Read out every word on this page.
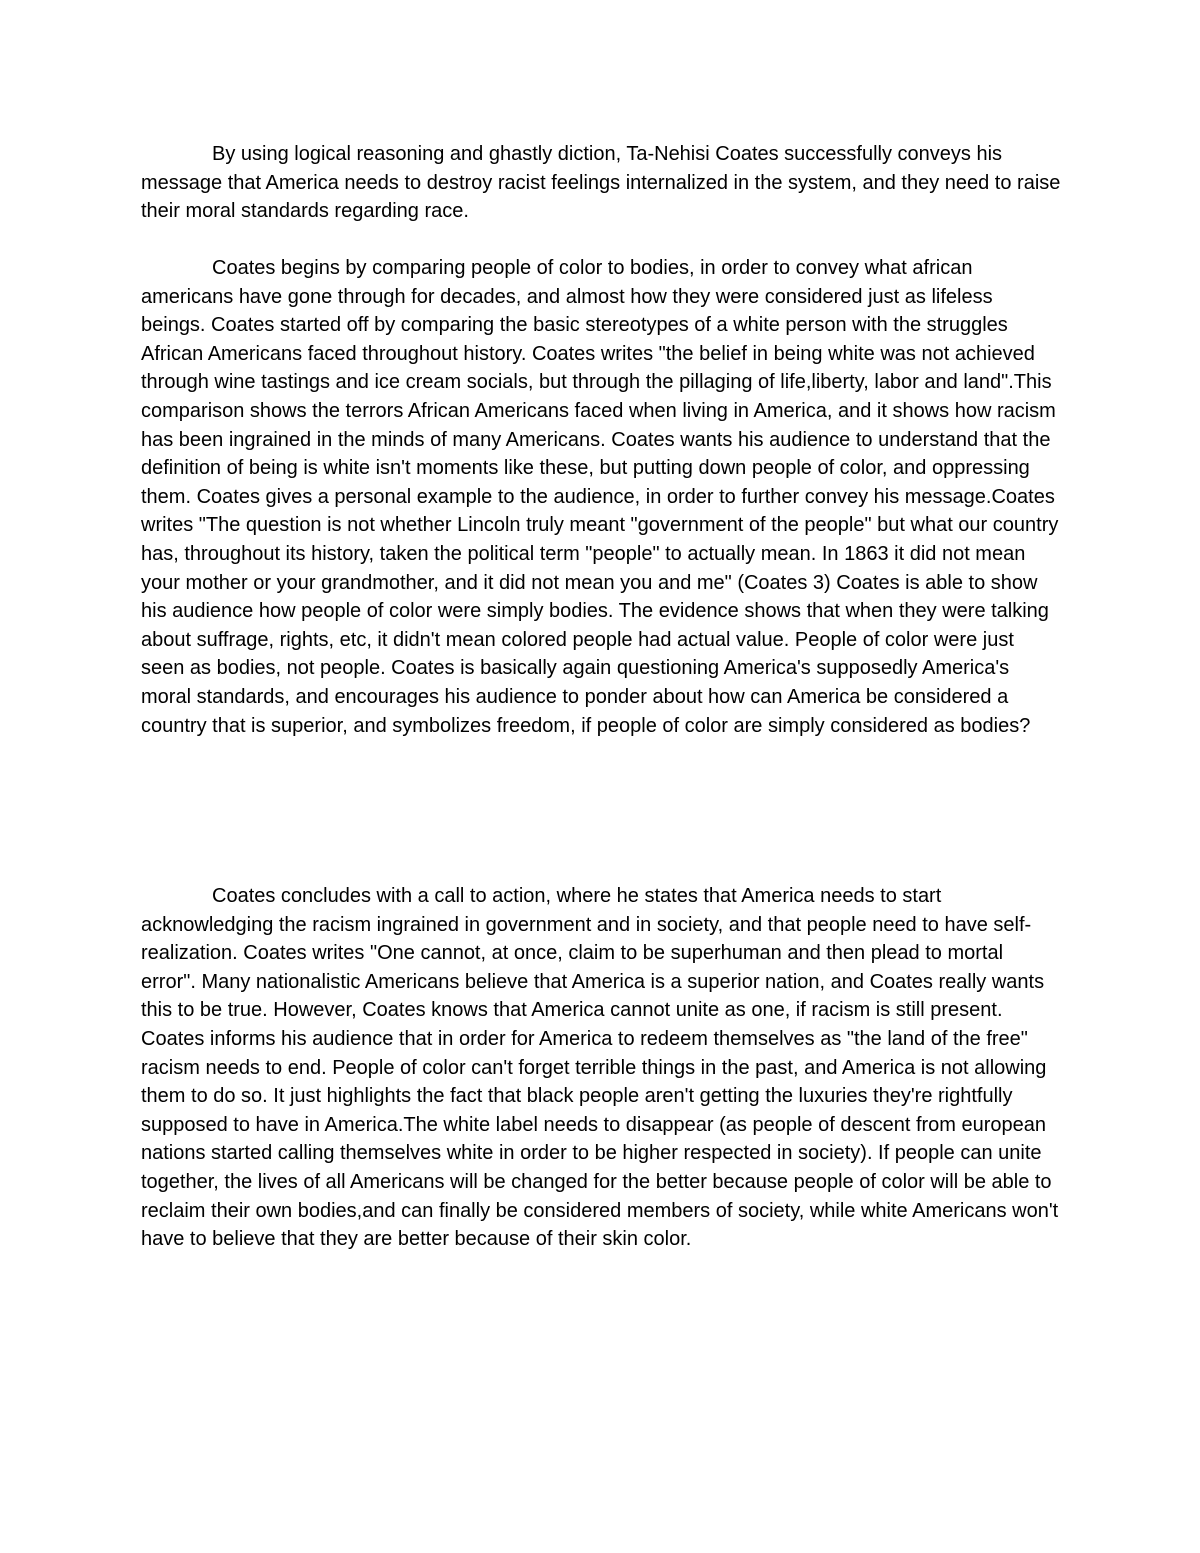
By using logical reasoning and ghastly diction, Ta-Nehisi Coates successfully conveys his message that America needs to destroy racist feelings internalized in the system, and they need to raise their moral standards regarding race.

Coates begins by comparing people of color to bodies, in order to convey what african americans have gone through for decades, and almost how they were considered just as lifeless beings. Coates started off by comparing the basic stereotypes of a white person with the struggles African Americans faced throughout history. Coates writes "the belief in being white was not achieved through wine tastings and ice cream socials, but through the pillaging of life,liberty, labor and land".This comparison shows the terrors African Americans faced when living in America, and it shows how racism has been ingrained in the minds of many Americans. Coates wants his audience to understand that the definition of being is white isn't moments like these, but putting down people of color, and oppressing them. Coates gives a personal example to the audience, in order to further convey his message.Coates writes "The question is not whether Lincoln truly meant "government of the people" but what our country has, throughout its history, taken the political term "people" to actually mean. In 1863 it did not mean your mother or your grandmother, and it did not mean you and me" (Coates 3) Coates is able to show his audience how people of color were simply bodies. The evidence shows that when they were talking about suffrage, rights, etc, it didn't mean colored people had actual value. People of color were just seen as bodies, not people. Coates is basically again questioning America's supposedly America's moral standards, and encourages his audience to ponder about how can America be considered a country that is superior, and symbolizes freedom, if people of color are simply considered as bodies?

Coates concludes with a call to action, where he states that America needs to start acknowledging the racism ingrained in government and in society, and that people need to have self-realization. Coates writes "One cannot, at once, claim to be superhuman and then plead to mortal error". Many nationalistic Americans believe that America is a superior nation, and Coates really wants this to be true. However, Coates knows that America cannot unite as one, if racism is still present. Coates informs his audience that in order for America to redeem themselves as "the land of the free" racism needs to end. People of color can't forget terrible things in the past, and America is not allowing them to do so. It just highlights the fact that black people aren't getting the luxuries they're rightfully supposed to have in America.The white label needs to disappear (as people of descent from european nations started calling themselves white in order to be higher respected in society). If people can unite together, the lives of all Americans will be changed for the better because people of color will be able to reclaim their own bodies,and can finally be considered members of society, while white Americans won't have to believe that they are better because of their skin color.
